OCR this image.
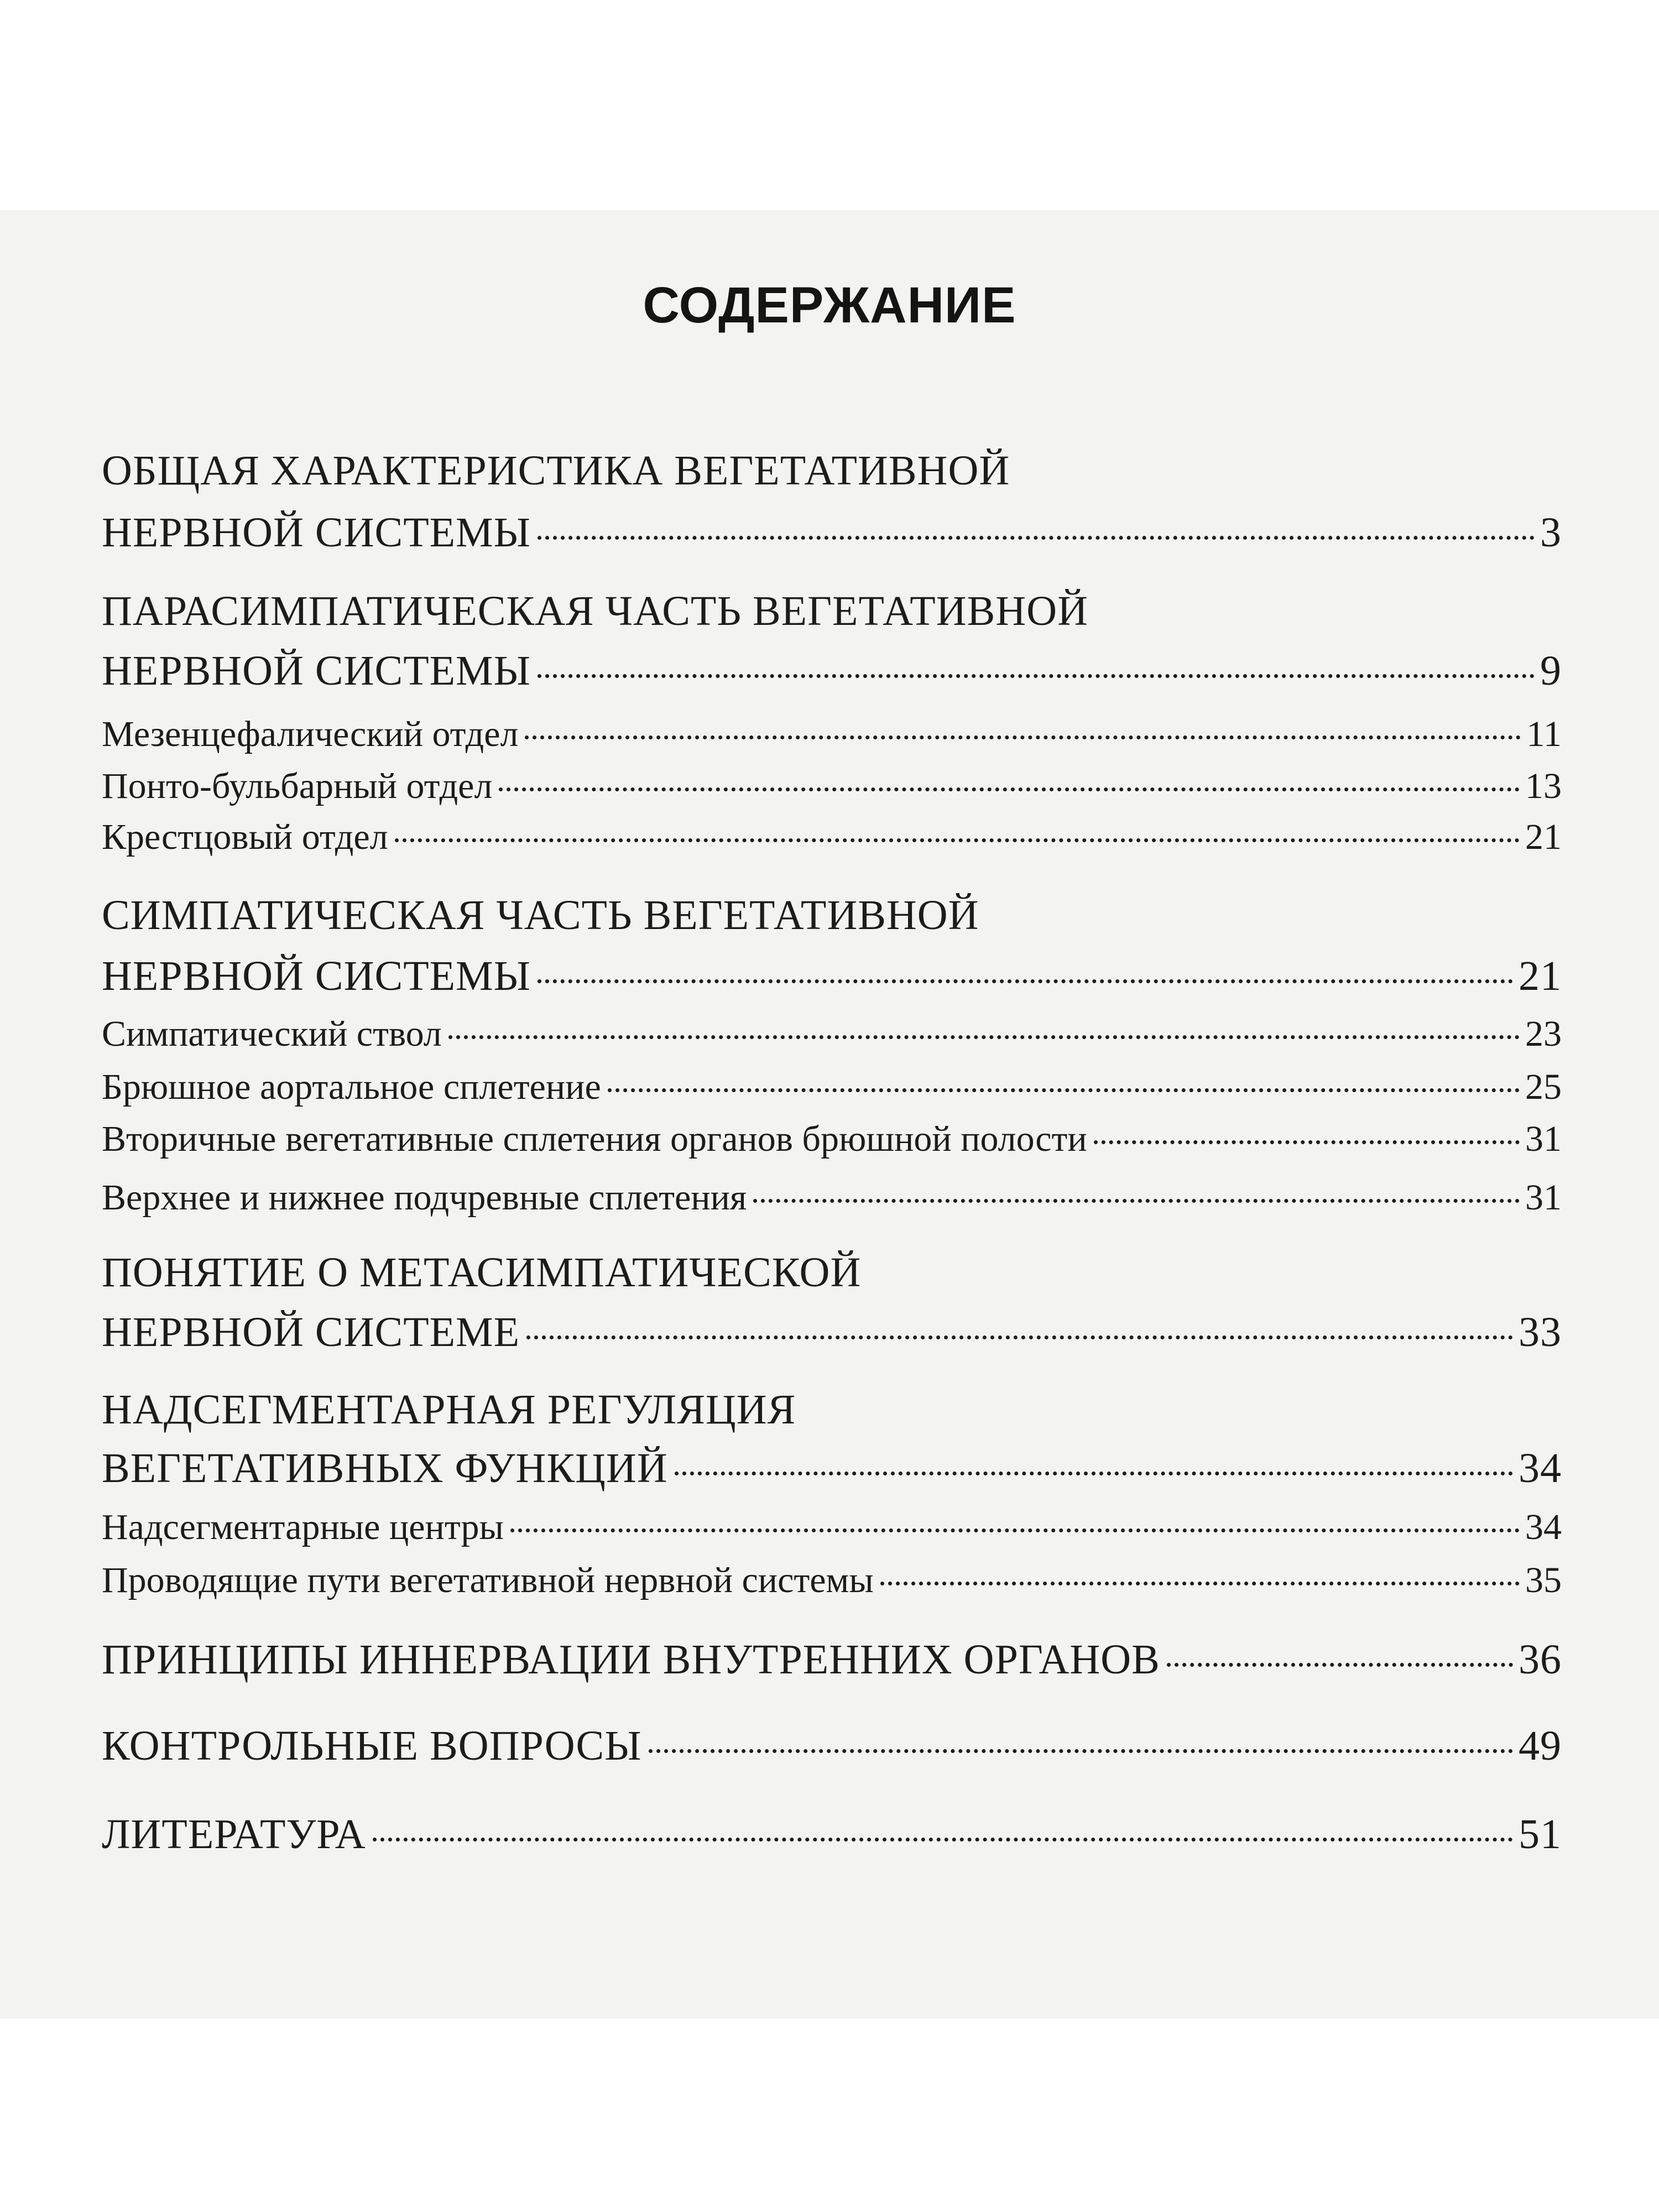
СОДЕРЖАНИЕ
ОБЩАЯ ХАРАКТЕРИСТИКА ВЕГЕТАТИВНОЙ
НЕРВНОЙ СИСТЕМЫ	3
ПАРАСИМПАТИЧЕСКАЯ ЧАСТЬ ВЕГЕТАТИВНОЙ
НЕРВНОЙ СИСТЕМЫ	9
Мезенцефалический отдел	11
Понто-бульбарный отдел	13
Крестцовый отдел	21
СИМПАТИЧЕСКАЯ ЧАСТЬ ВЕГЕТАТИВНОЙ
НЕРВНОЙ СИСТЕМЫ	21
Симпатический ствол	23
Брюшное аортальное сплетение	25
Вторичные вегетативные сплетения органов брюшной полости	31
Верхнее и нижнее подчревные сплетения	31
ПОНЯТИЕ О МЕТАСИМПАТИЧЕСКОЙ
НЕРВНОЙ СИСТЕМЕ	33
НАДСЕГМЕНТАРНАЯ РЕГУЛЯЦИЯ
ВЕГЕТАТИВНЫХ ФУНКЦИЙ	34
Надсегментарные центры	34
Проводящие пути вегетативной нервной системы	35
ПРИНЦИПЫ ИННЕРВАЦИИ ВНУТРЕННИХ ОРГАНОВ	36
КОНТРОЛЬНЫЕ ВОПРОСЫ	49
ЛИТЕРАТУРА	51
